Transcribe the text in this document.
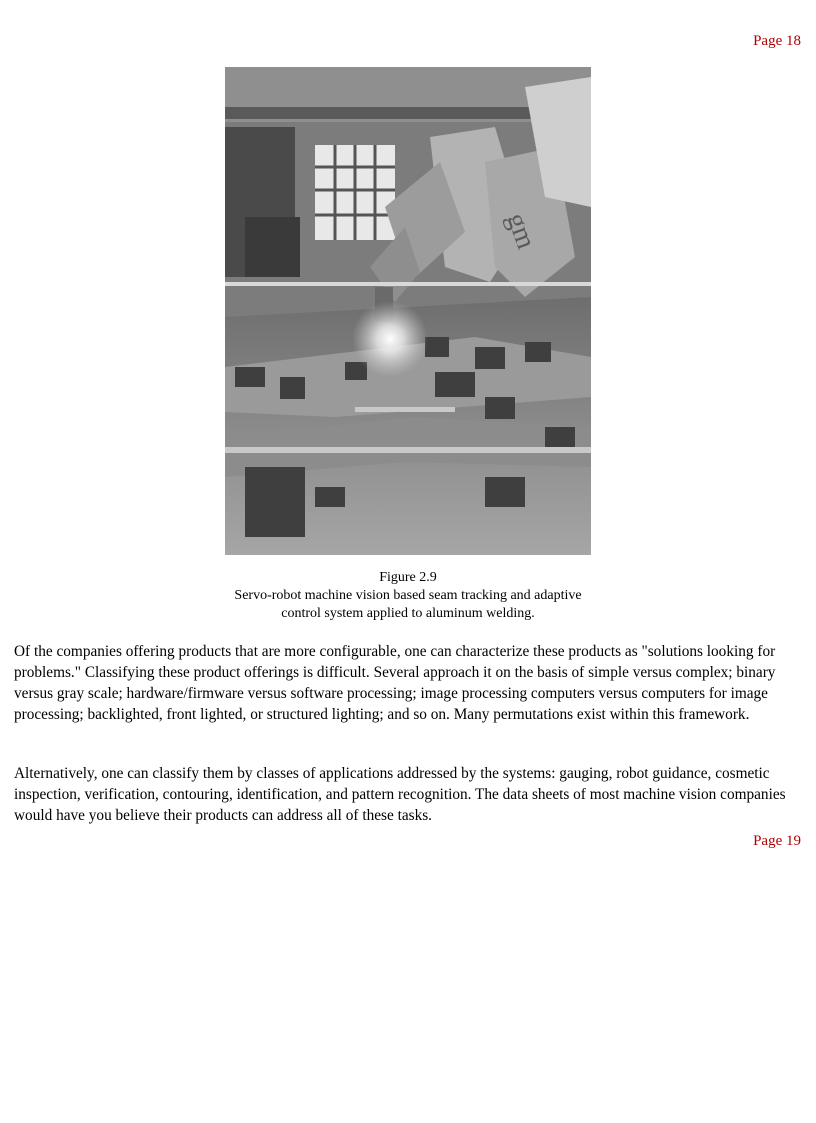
Page 18

gm
Figure 2.9
Servo-robot machine vision based seam tracking and adaptive
control system applied to aluminum welding.

Of the companies offering products that are more configurable, one can characterize these products as "solutions looking for problems." Classifying these product offerings is difficult. Several approach it on the basis of simple versus complex; binary versus gray scale; hardware/firmware versus software processing; image processing computers versus computers for image processing; backlighted, front lighted, or structured lighting; and so on. Many permutations exist within this framework.

Alternatively, one can classify them by classes of applications addressed by the systems: gauging, robot guidance, cosmetic inspection, verification, contouring, identification, and pattern recognition. The data sheets of most machine vision companies would have you believe their products can address all of these tasks.

Page 19
